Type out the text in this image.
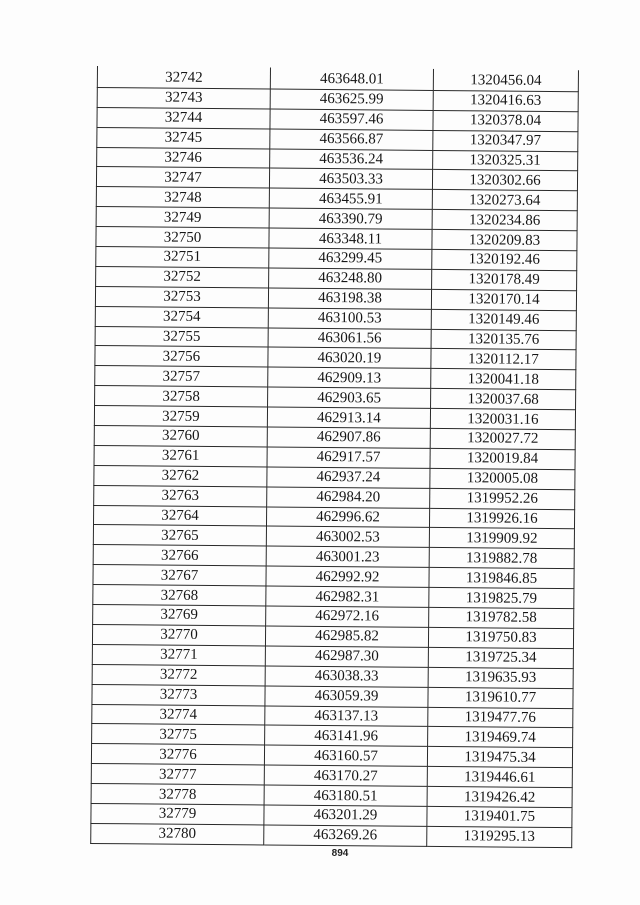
32742	463648.01	1320456.04
32743	463625.99	1320416.63
32744	463597.46	1320378.04
32745	463566.87	1320347.97
32746	463536.24	1320325.31
32747	463503.33	1320302.66
32748	463455.91	1320273.64
32749	463390.79	1320234.86
32750	463348.11	1320209.83
32751	463299.45	1320192.46
32752	463248.80	1320178.49
32753	463198.38	1320170.14
32754	463100.53	1320149.46
32755	463061.56	1320135.76
32756	463020.19	1320112.17
32757	462909.13	1320041.18
32758	462903.65	1320037.68
32759	462913.14	1320031.16
32760	462907.86	1320027.72
32761	462917.57	1320019.84
32762	462937.24	1320005.08
32763	462984.20	1319952.26
32764	462996.62	1319926.16
32765	463002.53	1319909.92
32766	463001.23	1319882.78
32767	462992.92	1319846.85
32768	462982.31	1319825.79
32769	462972.16	1319782.58
32770	462985.82	1319750.83
32771	462987.30	1319725.34
32772	463038.33	1319635.93
32773	463059.39	1319610.77
32774	463137.13	1319477.76
32775	463141.96	1319469.74
32776	463160.57	1319475.34
32777	463170.27	1319446.61
32778	463180.51	1319426.42
32779	463201.29	1319401.75
32780	463269.26	1319295.13
894
